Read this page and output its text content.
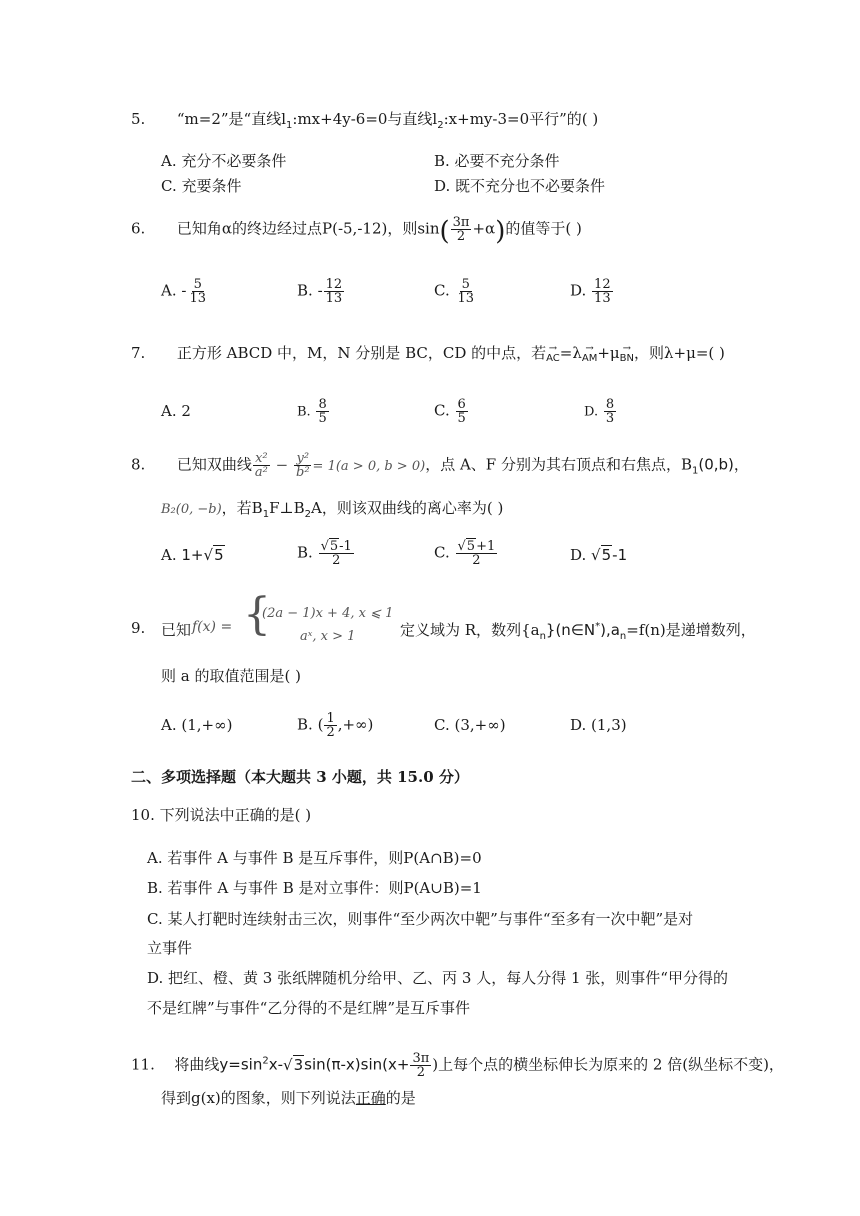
5. “m=2”是“直线$l_1:mx+4y-6=0$与直线$l_2:x+my-3=0$平行”的( )
A. 充分不必要条件	B. 必要不充分条件
C. 充要条件	D. 既不充分也不必要条件
6. 已知角α的终边经过点P(-5,-12)，则$\sin( \frac{3\pi}{2} +\alpha)$的值等于( )
A. - $\frac{5}{13}$	B. - $\frac{12}{13}$	C. $\frac{5}{13}$	D. $\frac{12}{13}$
7. 正方形 ABCD 中，M，N 分别是 BC，CD 的中点，若 →
AC =λ →
AM +μ →
BN ，则λ+μ=( )
A. 2	B. $\frac{8}{5}$	C. $\frac{6}{5}$	D. $\frac{8}{3}$
8. 已知双曲线 $\frac{\text{x²}}{\text{a²}} - \frac{\text{y²}}{\text{b²}} = 1(a > 0$, b > 0)，点 A、F 分别为其右顶点和右焦点，$B_1(0,b)$，
B₂(0, −b)，若$B_1F\perp B_2A$，则该双曲线的离心率为( )
A. 1+√5	B. $\frac{√5-1}{2}$	C. $\frac{√5+1}{2}$	D. √5-1
9. 已知 f(x) = {
(2a − 1)x + 4, x ⩽ 1
aˣ, x > 1	定义域为 R，数列$\{a_n\}(n\in N^*),a_n=f(n)$是递增数列，
则 a 的取值范围是( )
A. (1,+∞)	B. ( $\frac{1}{2}$ ,+∞)	C. (3,+∞)	D. (1,3)
二、多项选择题（本大题共 3 小题，共 15.0 分）
10. 下列说法中正确的是( )
A. 若事件 A 与事件 B 是互斥事件，则P(A∩B)=0
B. 若事件 A 与事件 B 是对立事件：则P(A∪B)=1
C. 某人打靶时连续射击三次，则事件“至少两次中靶”与事件“至多有一次中靶”是对
立事件
D. 把红、橙、黄 3 张纸牌随机分给甲、乙、丙 3 人，每人分得 1 张，则事件“甲分得的
不是红牌”与事件“乙分得的不是红牌”是互斥事件
11. 将曲线$y=\sin^2x-√3\sin(\pi-x)\sin(x+ \frac{3\pi}{2}$ )上每个点的横坐标伸长为原来的 2 倍(纵坐标不变)，
得到g(x)的图象，则下列说法正确的是
